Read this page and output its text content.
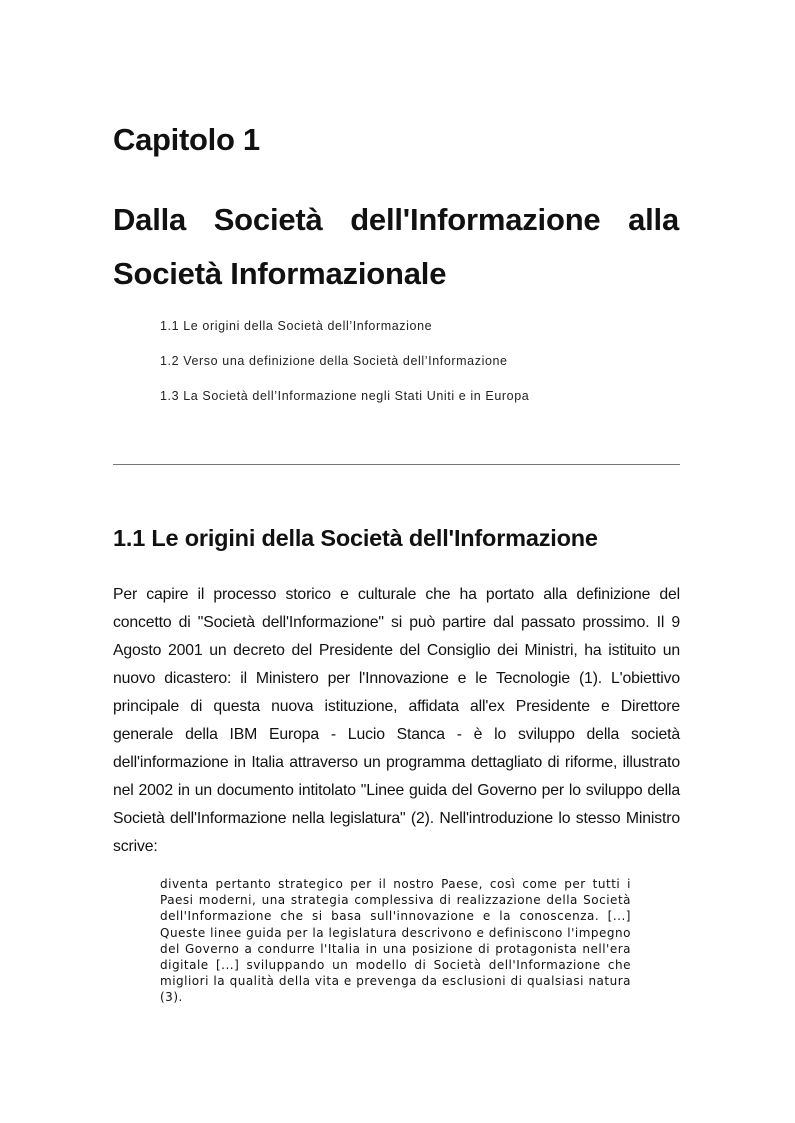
Capitolo 1
Dalla Società dell'Informazione alla Società Informazionale
1.1 Le origini della Società dell’Informazione
1.2 Verso una definizione della Società dell’Informazione
1.3 La Società dell’Informazione negli Stati Uniti e in Europa
1.1 Le origini della Società dell'Informazione

Per capire il processo storico e culturale che ha portato alla definizione del concetto di "Società dell'Informazione" si può partire dal passato prossimo. Il 9 Agosto 2001 un decreto del Presidente del Consiglio dei Ministri, ha istituito un nuovo dicastero: il Ministero per l'Innovazione e le Tecnologie (1). L'obiettivo principale di questa nuova istituzione, affidata all'ex Presidente e Direttore generale della IBM Europa - Lucio Stanca - è lo sviluppo della società dell'informazione in Italia attraverso un programma dettagliato di riforme, illustrato nel 2002 in un documento intitolato "Linee guida del Governo per lo sviluppo della Società dell'Informazione nella legislatura" (2). Nell'introduzione lo stesso Ministro scrive:

diventa pertanto strategico per il nostro Paese, così come per tutti i Paesi moderni, una strategia complessiva di realizzazione della Società dell'Informazione che si basa sull'innovazione e la conoscenza. [...] Queste linee guida per la legislatura descrivono e definiscono l'impegno del Governo a condurre l'Italia in una posizione di protagonista nell'era digitale [...] sviluppando un modello di Società dell'Informazione che migliori la qualità della vita e prevenga da esclusioni di qualsiasi natura (3).
